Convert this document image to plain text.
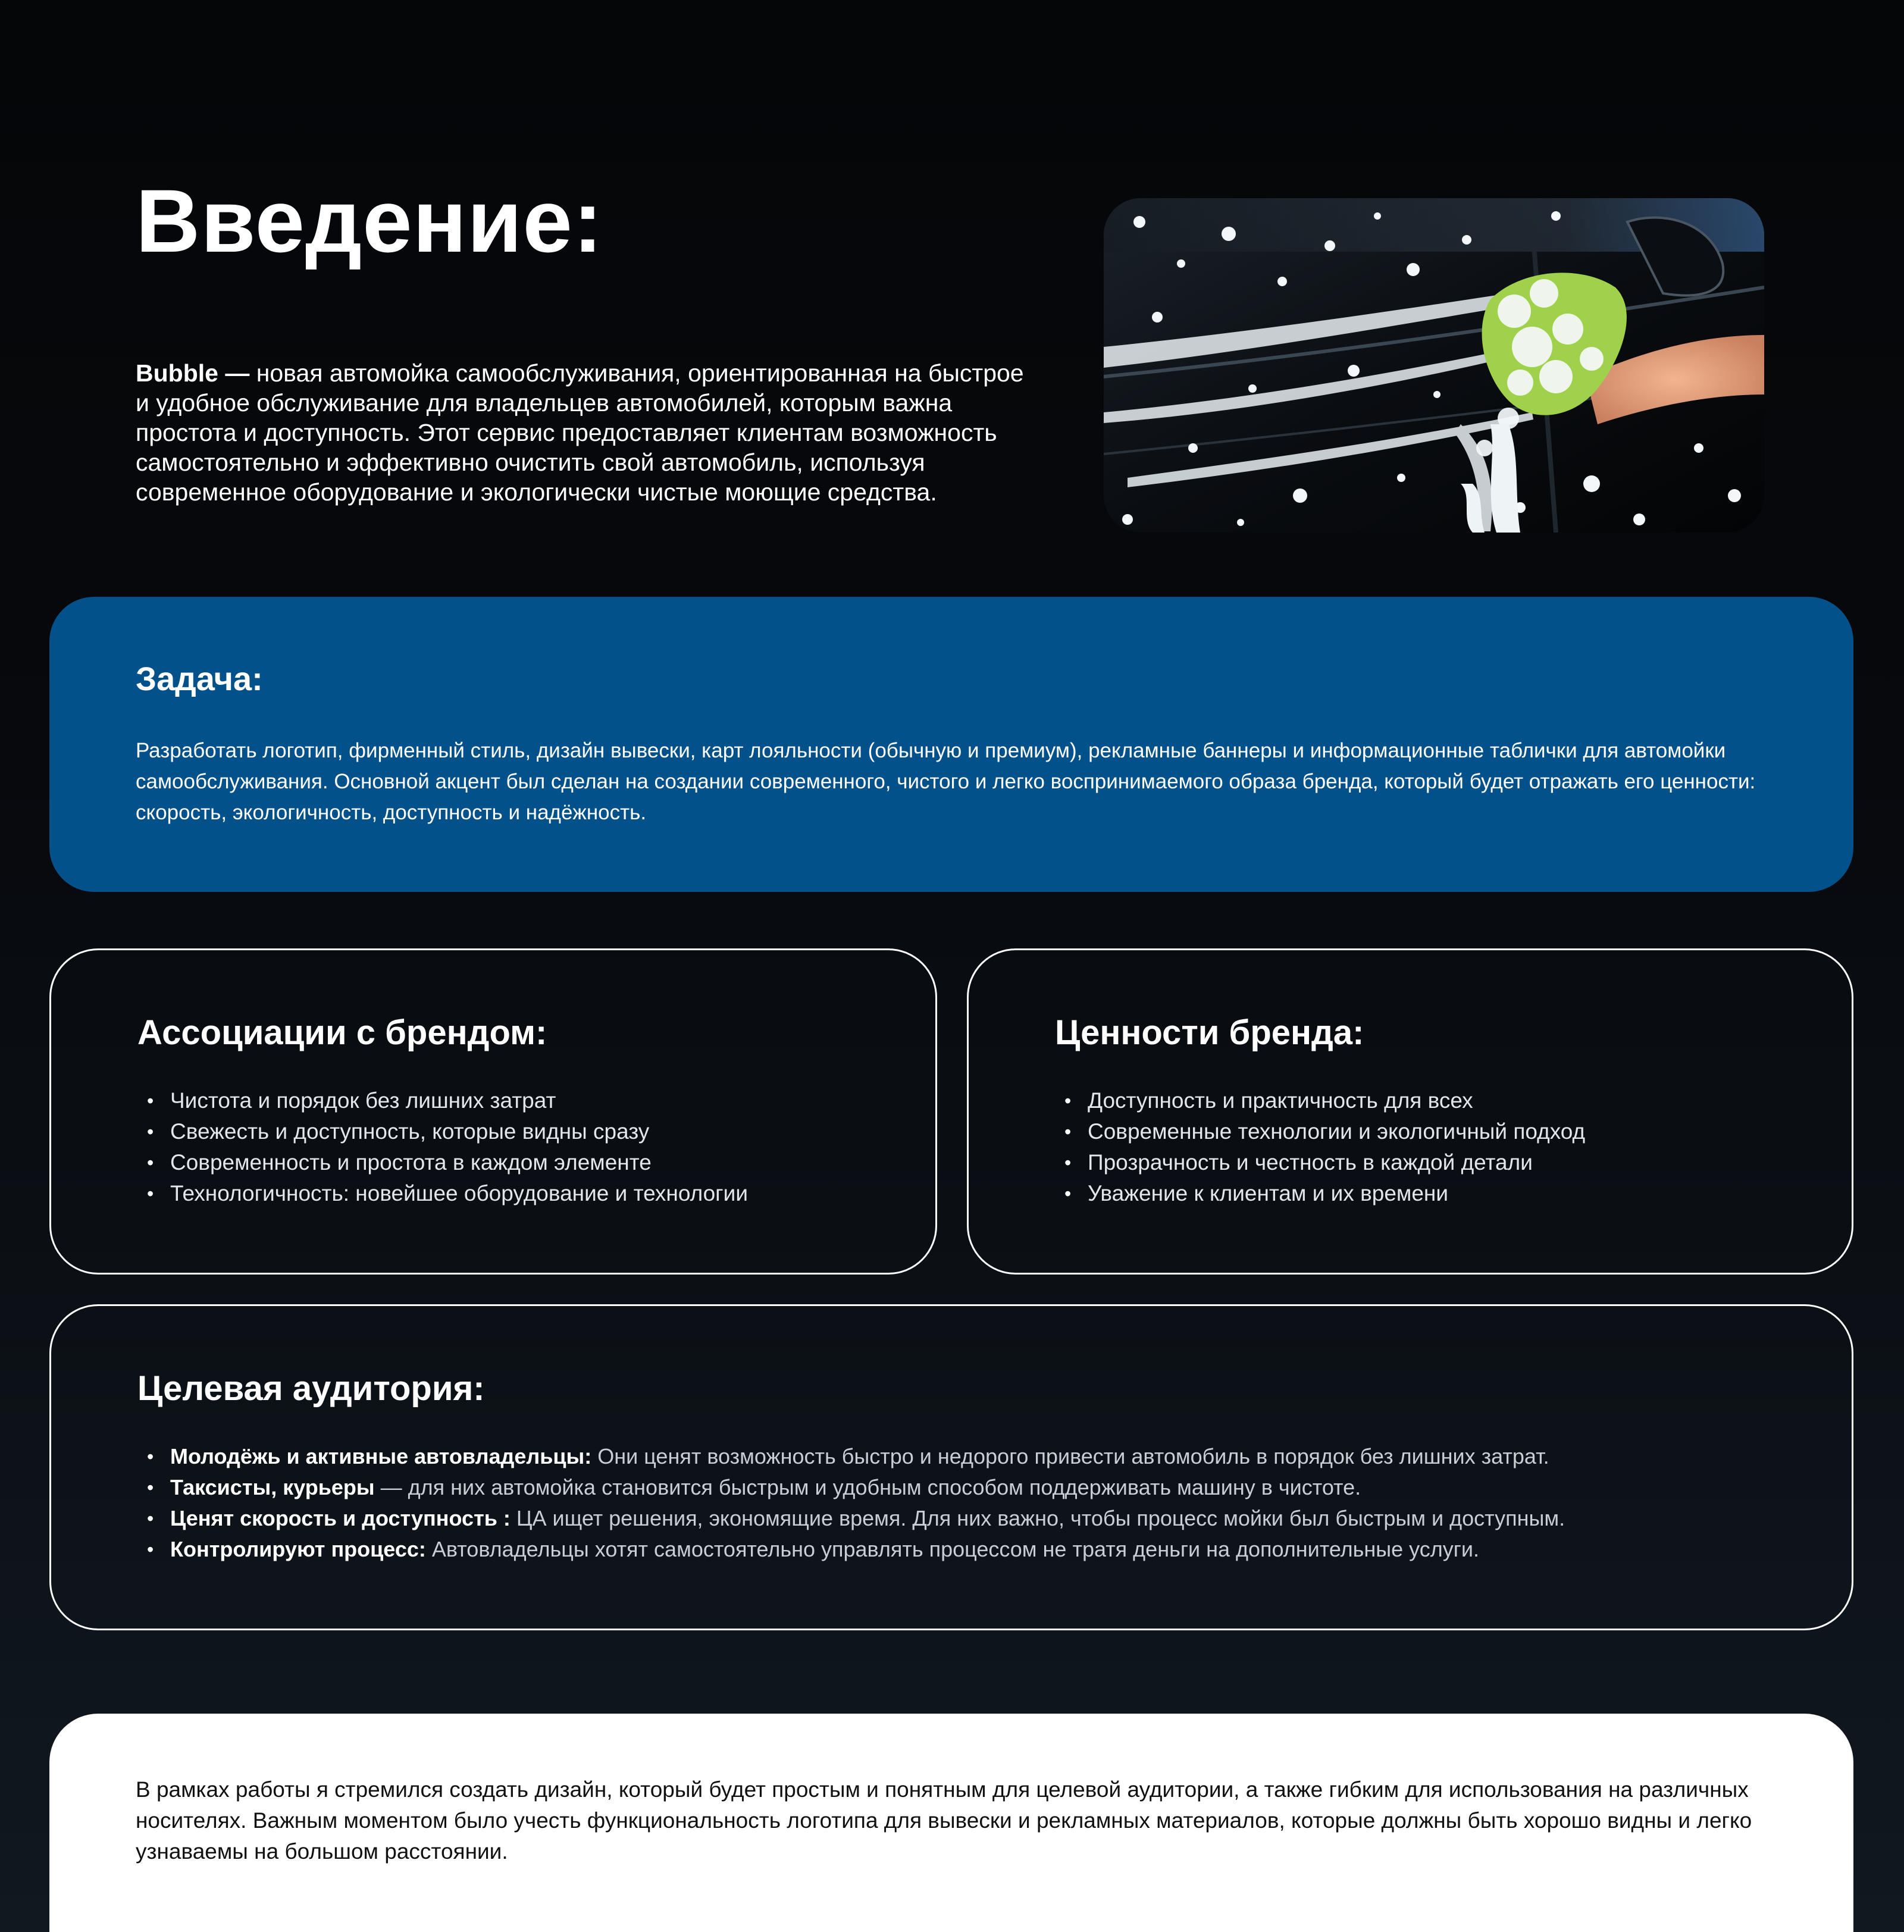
Введение:

Bubble — новая автомойка самообслуживания, ориентированная на быстрое и удобное обслуживание для владельцев автомобилей, которым важна простота и доступность. Этот сервис предоставляет клиентам возможность самостоятельно и эффективно очистить свой автомобиль, используя современное оборудование и экологически чистые моющие средства.

Задача:

Разработать логотип, фирменный стиль, дизайн вывески, карт лояльности (обычную и премиум), рекламные баннеры и информационные таблички для автомойки самообслуживания. Основной акцент был сделан на создании современного, чистого и легко воспринимаемого образа бренда, который будет отражать его ценности: скорость, экологичность, доступность и надёжность.

Ассоциации с брендом:
• Чистота и порядок без лишних затрат
• Свежесть и доступность, которые видны сразу
• Современность и простота в каждом элементе
• Технологичность: новейшее оборудование и технологии
Ценности бренда:
• Доступность и практичность для всех
• Современные технологии и экологичный подход
• Прозрачность и честность в каждой детали
• Уважение к клиентам и их времени
Целевая аудитория:
• Молодёжь и активные автовладельцы: Они ценят возможность быстро и недорого привести автомобиль в порядок без лишних затрат.
• Таксисты, курьеры — для них автомойка становится быстрым и удобным способом поддерживать машину в чистоте.
• Ценят скорость и доступность : ЦА ищет решения, экономящие время. Для них важно, чтобы процесс мойки был быстрым и доступным.
• Контролируют процесс: Автовладельцы хотят самостоятельно управлять процессом не тратя деньги на дополнительные услуги.

В рамках работы я стремился создать дизайн, который будет простым и понятным для целевой аудитории, а также гибким для использования на различных носителях. Важным моментом было учесть функциональность логотипа для вывески и рекламных материалов, которые должны быть хорошо видны и легко узнаваемы на большом расстоянии.
